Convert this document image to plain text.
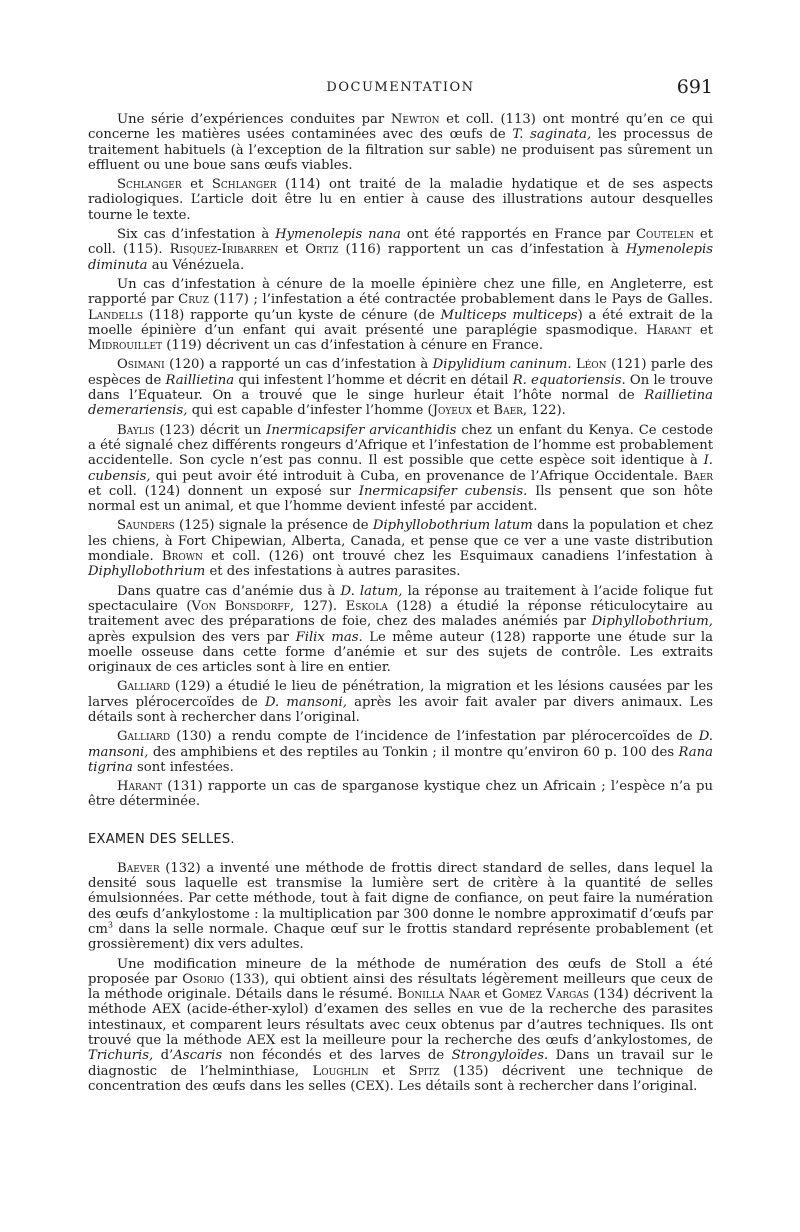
DOCUMENTATION	691

Une série d’expériences conduites par Newton et coll. (113) ont montré qu’en ce qui concerne les matières usées contaminées avec des œufs de T. saginata, les processus de traitement habituels (à l’exception de la filtration sur sable) ne produisent pas sûrement un effluent ou une boue sans œufs viables.

Schlanger et Schlanger (114) ont traité de la maladie hydatique et de ses aspects radiologiques. L’article doit être lu en entier à cause des illustrations autour desquelles tourne le texte.

Six cas d’infestation à Hymenolepis nana ont été rapportés en France par Coutelen et coll. (115). Risquez-Iribarren et Ortiz (116) rapportent un cas d’infestation à Hymenolepis diminuta au Vénézuela.

Un cas d’infestation à cénure de la moelle épinière chez une fille, en Angleterre, est rapporté par Cruz (117) ; l’infestation a été contractée probablement dans le Pays de Galles. Landells (118) rapporte qu’un kyste de cénure (de Multiceps multiceps) a été extrait de la moelle épinière d’un enfant qui avait présenté une paraplégie spasmodique. Harant et Midrouillet (119) décrivent un cas d’infestation à cénure en France.

Osimani (120) a rapporté un cas d’infestation à Dipylidium caninum. Léon (121) parle des espèces de Raillietina qui infestent l’homme et décrit en détail R. equatoriensis. On le trouve dans l’Equateur. On a trouvé que le singe hurleur était l’hôte normal de Raillietina demerariensis, qui est capable d’infester l’homme (Joyeux et Baer, 122).

Baylis (123) décrit un Inermicapsifer arvicanthidis chez un enfant du Kenya. Ce cestode a été signalé chez différents rongeurs d’Afrique et l’infestation de l’homme est probablement accidentelle. Son cycle n’est pas connu. Il est possible que cette espèce soit identique à I. cubensis, qui peut avoir été introduit à Cuba, en provenance de l’Afrique Occidentale. Baer et coll. (124) donnent un exposé sur Inermicapsifer cubensis. Ils pensent que son hôte normal est un animal, et que l’homme devient infesté par accident.

Saunders (125) signale la présence de Diphyllobothrium latum dans la population et chez les chiens, à Fort Chipewian, Alberta, Canada, et pense que ce ver a une vaste distribution mondiale. Brown et coll. (126) ont trouvé chez les Esquimaux canadiens l’infestation à Diphyllobothrium et des infestations à autres parasites.

Dans quatre cas d’anémie dus à D. latum, la réponse au traitement à l’acide folique fut spectaculaire (Von Bonsdorff, 127). Eskola (128) a étudié la réponse réticulocytaire au traitement avec des préparations de foie, chez des malades anémiés par Diphyllobothrium, après expulsion des vers par Filix mas. Le même auteur (128) rapporte une étude sur la moelle osseuse dans cette forme d’anémie et sur des sujets de contrôle. Les extraits originaux de ces articles sont à lire en entier.

Galliard (129) a étudié le lieu de pénétration, la migration et les lésions causées par les larves plérocercoïdes de D. mansoni, après les avoir fait avaler par divers animaux. Les détails sont à rechercher dans l’original.

Galliard (130) a rendu compte de l’incidence de l’infestation par plérocercoïdes de D. mansoni, des amphibiens et des reptiles au Tonkin ; il montre qu’environ 60 p. 100 des Rana tigrina sont infestées.

Harant (131) rapporte un cas de sparganose kystique chez un Africain ; l’espèce n’a pu être déterminée.

EXAMEN DES SELLES.

Baever (132) a inventé une méthode de frottis direct standard de selles, dans lequel la densité sous laquelle est transmise la lumière sert de critère à la quantité de selles émulsionnées. Par cette méthode, tout à fait digne de confiance, on peut faire la numération des œufs d’ankylostome : la multiplication par 300 donne le nombre approximatif d’œufs par $cm^3$ dans la selle normale. Chaque œuf sur le frottis standard représente probablement (et grossièrement) dix vers adultes.

Une modification mineure de la méthode de numération des œufs de Stoll a été proposée par Osorio (133), qui obtient ainsi des résultats légèrement meilleurs que ceux de la méthode originale. Détails dans le résumé. Bonilla Naar et Gomez Vargas (134) décrivent la méthode AEX (acide-éther-xylol) d’examen des selles en vue de la recherche des parasites intestinaux, et comparent leurs résultats avec ceux obtenus par d’autres techniques. Ils ont trouvé que la méthode AEX est la meilleure pour la recherche des œufs d’ankylostomes, de Trichuris, d’Ascaris non fécondés et des larves de Strongyloïdes. Dans un travail sur le diagnostic de l’helminthiase, Loughlin et Spitz (135) décrivent une technique de concentration des œufs dans les selles (CEX). Les détails sont à rechercher dans l’original.
